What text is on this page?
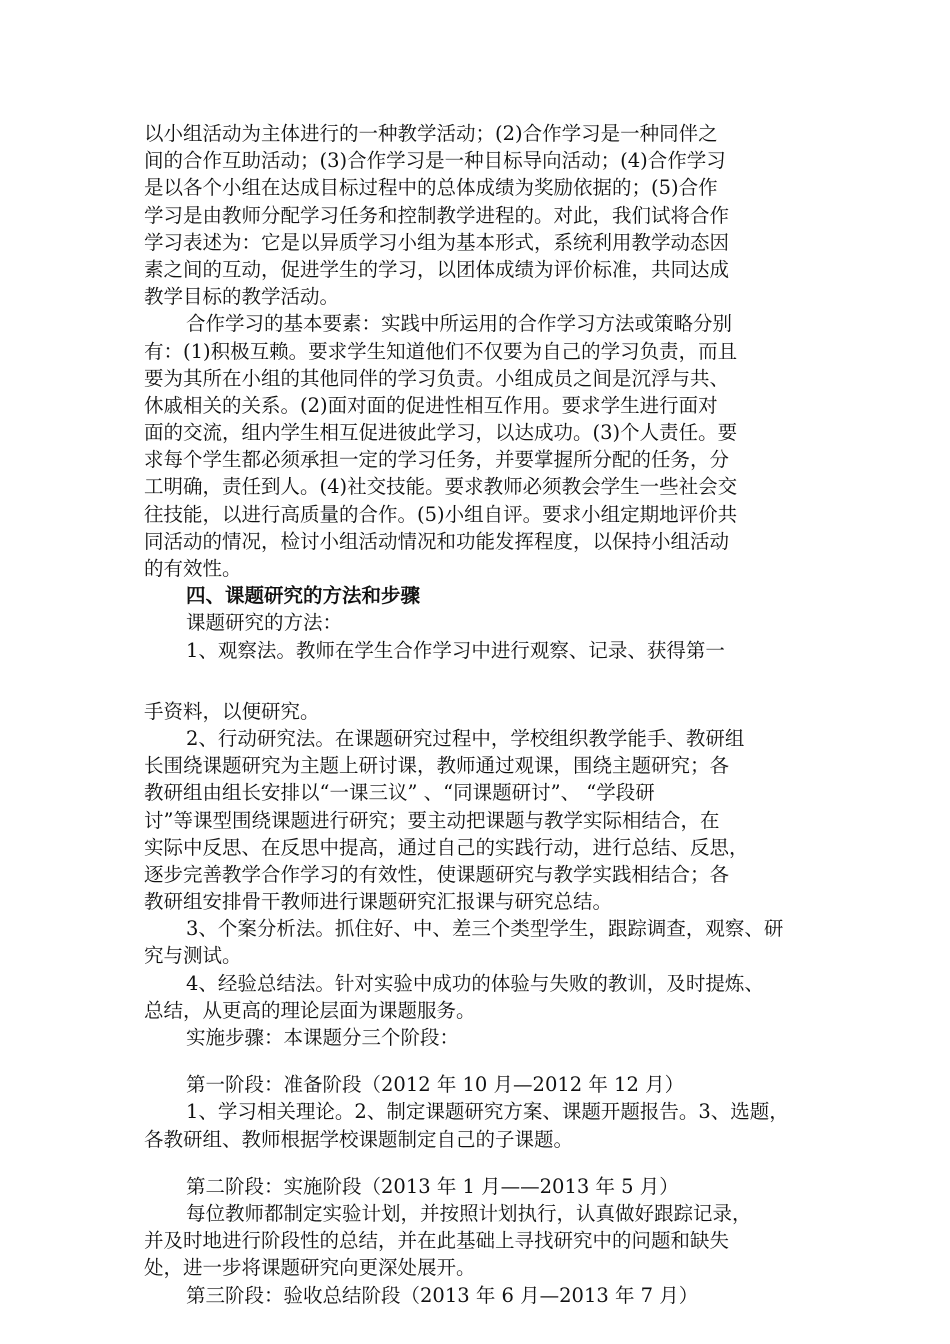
以小组活动为主体进行的一种教学活动；(2)合作学习是一种同伴之
间的合作互助活动；(3)合作学习是一种目标导向活动；(4)合作学习
是以各个小组在达成目标过程中的总体成绩为奖励依据的；(5)合作
学习是由教师分配学习任务和控制教学进程的。对此，我们试将合作
学习表述为：它是以异质学习小组为基本形式，系统利用教学动态因
素之间的互动，促进学生的学习，以团体成绩为评价标准，共同达成
教学目标的教学活动。
合作学习的基本要素：实践中所运用的合作学习方法或策略分别
有：(1)积极互赖。要求学生知道他们不仅要为自己的学习负责，而且
要为其所在小组的其他同伴的学习负责。小组成员之间是沉浮与共、
休戚相关的关系。(2)面对面的促进性相互作用。要求学生进行面对
面的交流，组内学生相互促进彼此学习，以达成功。(3)个人责任。要
求每个学生都必须承担一定的学习任务，并要掌握所分配的任务，分
工明确，责任到人。(4)社交技能。要求教师必须教会学生一些社会交
往技能，以进行高质量的合作。(5)小组自评。要求小组定期地评价共
同活动的情况，检讨小组活动情况和功能发挥程度，以保持小组活动
的有效性。
四、课题研究的方法和步骤
课题研究的方法：
1、观察法。教师在学生合作学习中进行观察、记录、获得第一
手资料，以便研究。
2、行动研究法。在课题研究过程中，学校组织教学能手、教研组
长围绕课题研究为主题上研讨课，教师通过观课，围绕主题研究；各
教研组由组长安排以“一课三议” 、“同课题研讨”、 “学段研
讨”等课型围绕课题进行研究；要主动把课题与教学实际相结合，在
实际中反思、在反思中提高，通过自己的实践行动，进行总结、反思，
逐步完善教学合作学习的有效性，使课题研究与教学实践相结合；各
教研组安排骨干教师进行课题研究汇报课与研究总结。
3、个案分析法。抓住好、中、差三个类型学生，跟踪调查，观察、研
究与测试。
4、经验总结法。针对实验中成功的体验与失败的教训，及时提炼、
总结，从更高的理论层面为课题服务。
实施步骤：本课题分三个阶段：
第一阶段：准备阶段（2012 年 10 月—2012 年 12 月）
1、学习相关理论。2、制定课题研究方案、课题开题报告。3、选题，
各教研组、教师根据学校课题制定自己的子课题。
第二阶段：实施阶段（2013 年 1 月——2013 年 5 月）
每位教师都制定实验计划，并按照计划执行，认真做好跟踪记录，
并及时地进行阶段性的总结，并在此基础上寻找研究中的问题和缺失
处，进一步将课题研究向更深处展开。
第三阶段：验收总结阶段（2013 年 6 月—2013 年 7 月）
